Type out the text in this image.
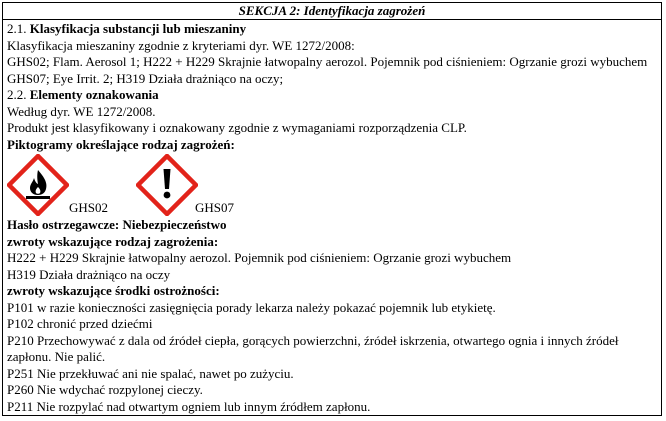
SEKCJA 2: Identyfikacja zagrożeń
2.1. Klasyfikacja substancji lub mieszaniny
Klasyfikacja mieszaniny zgodnie z kryteriami dyr. WE 1272/2008:
GHS02; Flam. Aerosol 1; H222 + H229 Skrajnie łatwopalny aerozol. Pojemnik pod ciśnieniem: Ogrzanie grozi wybuchem
GHS07; Eye Irrit. 2; H319 Działa drażniąco na oczy;
2.2. Elementy oznakowania
Według dyr. WE 1272/2008.
Produkt jest klasyfikowany i oznakowany zgodnie z wymaganiami rozporządzenia CLP.
Piktogramy określające rodzaj zagrożeń:
GHS02	GHS07
Hasło ostrzegawcze: Niebezpieczeństwo
zwroty wskazujące rodzaj zagrożenia:
H222 + H229 Skrajnie łatwopalny aerozol. Pojemnik pod ciśnieniem: Ogrzanie grozi wybuchem
H319 Działa drażniąco na oczy
zwroty wskazujące środki ostrożności:
P101 w razie konieczności zasięgnięcia porady lekarza należy pokazać pojemnik lub etykietę.
P102 chronić przed dziećmi
P210 Przechowywać z dala od źródeł ciepła, gorących powierzchni, źródeł iskrzenia, otwartego ognia i innych źródeł zapłonu. Nie palić.
P251 Nie przekłuwać ani nie spalać, nawet po zużyciu.
P260 Nie wdychać rozpylonej cieczy.
P211 Nie rozpylać nad otwartym ogniem lub innym źródłem zapłonu.
